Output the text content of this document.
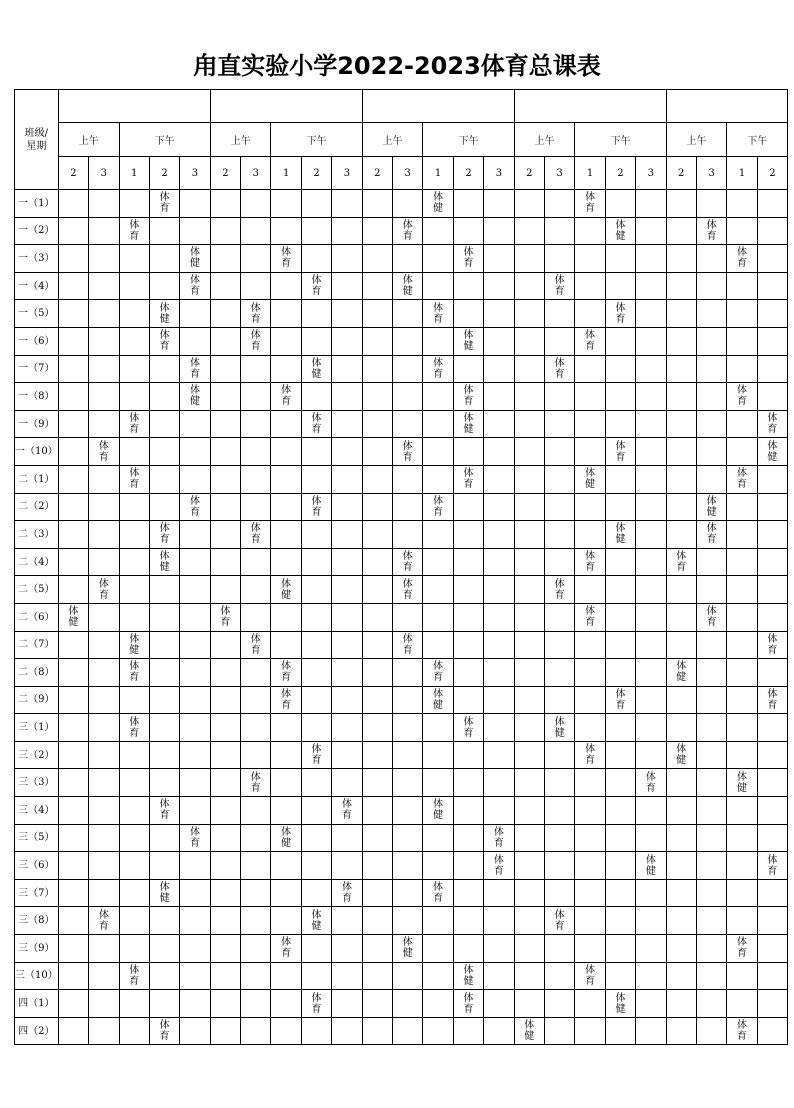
甪直实验小学2022-2023体育总课表

班级/
星期	上午		下午			上午		下午			上午		下午			上午		下午			上午		下午	
	2	3	1	2	3	2	3	1	2	3	2	3	1	2	3	2	3	1	2	3	2	3	1	2
一（1）				体育									体健					体育						
一（2）			体育									体育							体健			体育		
一（3）					体健			体育						体育									体育	
一（4）					体育				体育			体健					体育							
一（5）				体健			体育						体育						体育					
一（6）				体育			体育							体健				体育						
一（7）					体育				体健				体育				体育							
一（8）					体健			体育						体育									体育	
一（9）			体育						体育					体健										体育
一（10）		体育										体育							体育					体健
二（1）			体育											体育				体健					体育	
二（2）					体育				体育				体育									体健		
二（3）				体育			体育												体健			体育		
二（4）				体健								体育						体育			体育			
二（5）		体育						体健				体育					体育							
二（6）	体健					体育												体育				体育		
二（7）			体健				体育					体育												体育
二（8）			体育					体育					体育								体健			
二（9）								体育					体健						体育					体育
三（1）			体育											体育			体健							
三（2）									体育									体育			体健			
三（3）							体育													体育			体健	
三（4）				体育						体育			体健											
三（5）					体育			体健							体育									
三（6）															体育					体健				体育
三（7）				体健						体育			体育											
三（8）		体育							体健								体育							
三（9）								体育				体健											体育	
三（10）			体育											体健				体育						
四（1）									体育					体育					体健					
四（2）				体育												体健							体育	
